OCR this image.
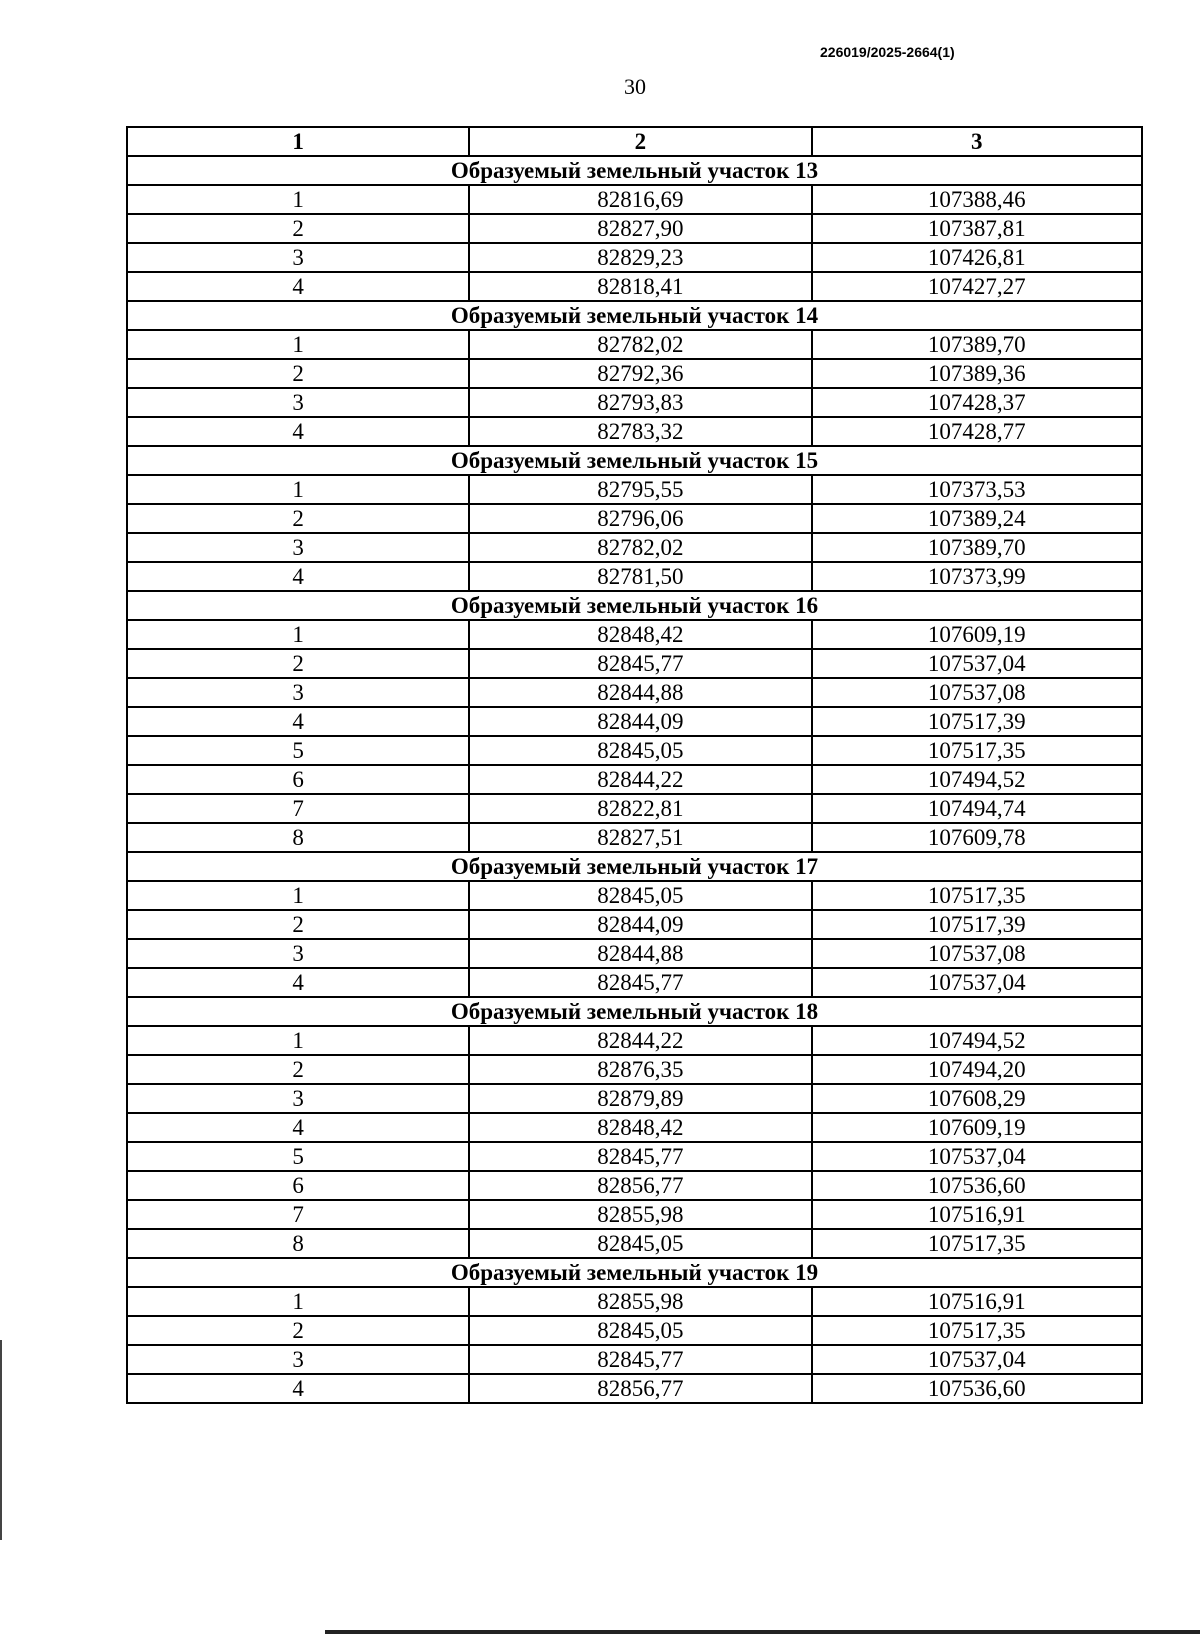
226019/2025-2664(1)
30
1	2	3
Образуемый земельный участок 13		
1	82816,69	107388,46
2	82827,90	107387,81
3	82829,23	107426,81
4	82818,41	107427,27
Образуемый земельный участок 14		
1	82782,02	107389,70
2	82792,36	107389,36
3	82793,83	107428,37
4	82783,32	107428,77
Образуемый земельный участок 15		
1	82795,55	107373,53
2	82796,06	107389,24
3	82782,02	107389,70
4	82781,50	107373,99
Образуемый земельный участок 16		
1	82848,42	107609,19
2	82845,77	107537,04
3	82844,88	107537,08
4	82844,09	107517,39
5	82845,05	107517,35
6	82844,22	107494,52
7	82822,81	107494,74
8	82827,51	107609,78
Образуемый земельный участок 17		
1	82845,05	107517,35
2	82844,09	107517,39
3	82844,88	107537,08
4	82845,77	107537,04
Образуемый земельный участок 18		
1	82844,22	107494,52
2	82876,35	107494,20
3	82879,89	107608,29
4	82848,42	107609,19
5	82845,77	107537,04
6	82856,77	107536,60
7	82855,98	107516,91
8	82845,05	107517,35
Образуемый земельный участок 19		
1	82855,98	107516,91
2	82845,05	107517,35
3	82845,77	107537,04
4	82856,77	107536,60
